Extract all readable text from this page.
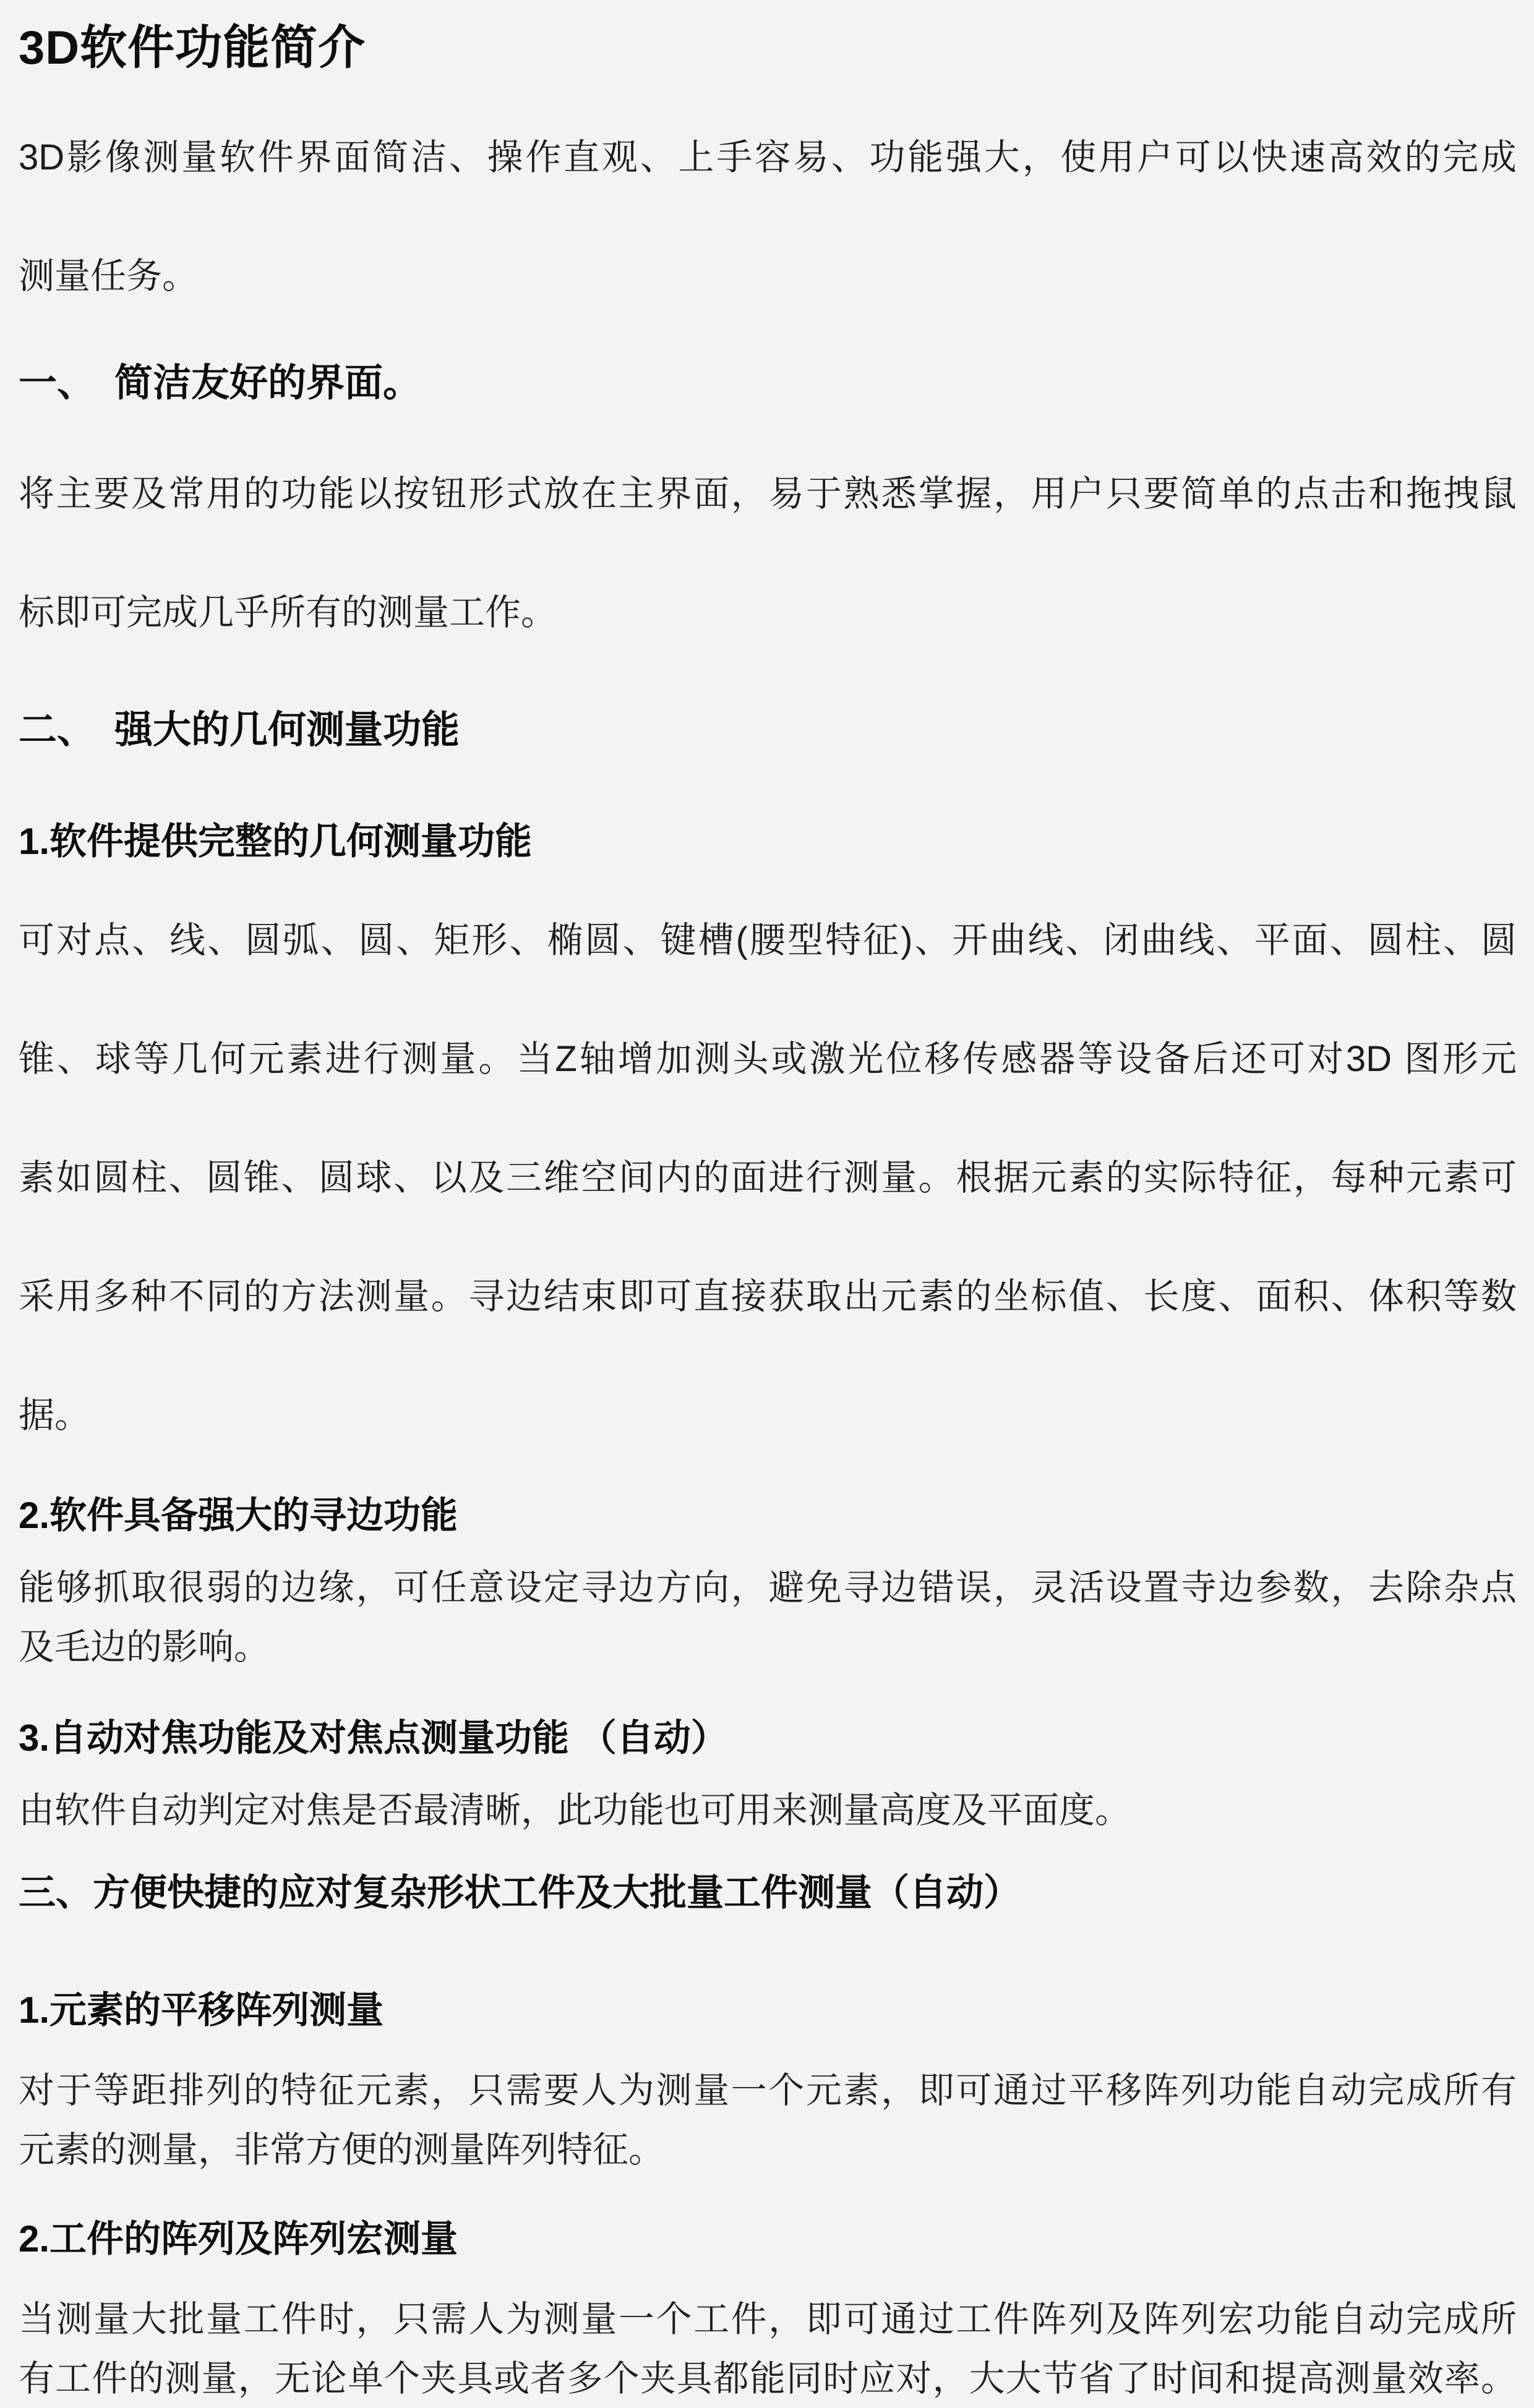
3D软件功能简介
3D影像测量软件界面简洁、操作直观、上手容易、功能强大，使用户可以快速高效的完成
测量任务。
一、　简洁友好的界面。
将主要及常用的功能以按钮形式放在主界面，易于熟悉掌握，用户只要简单的点击和拖拽鼠
标即可完成几乎所有的测量工作。
二、　强大的几何测量功能
1.软件提供完整的几何测量功能
可对点、线、圆弧、圆、矩形、椭圆、键槽(腰型特征)、开曲线、闭曲线、平面、圆柱、圆
锥、球等几何元素进行测量。当Z轴增加测头或激光位移传感器等设备后还可对3D 图形元
素如圆柱、圆锥、圆球、以及三维空间内的面进行测量。根据元素的实际特征，每种元素可
采用多种不同的方法测量。寻边结束即可直接获取出元素的坐标值、长度、面积、体积等数
据。
2.软件具备强大的寻边功能
能够抓取很弱的边缘，可任意设定寻边方向，避免寻边错误，灵活设置寺边参数，去除杂点
及毛边的影响。
3.自动对焦功能及对焦点测量功能 （自动）
由软件自动判定对焦是否最清晰，此功能也可用来测量高度及平面度。
三、方便快捷的应对复杂形状工件及大批量工件测量（自动）
1.元素的平移阵列测量
对于等距排列的特征元素，只需要人为测量一个元素，即可通过平移阵列功能自动完成所有
元素的测量，非常方便的测量阵列特征。
2.工件的阵列及阵列宏测量
当测量大批量工件时，只需人为测量一个工件，即可通过工件阵列及阵列宏功能自动完成所
有工件的测量，无论单个夹具或者多个夹具都能同时应对，大大节省了时间和提高测量效率。
